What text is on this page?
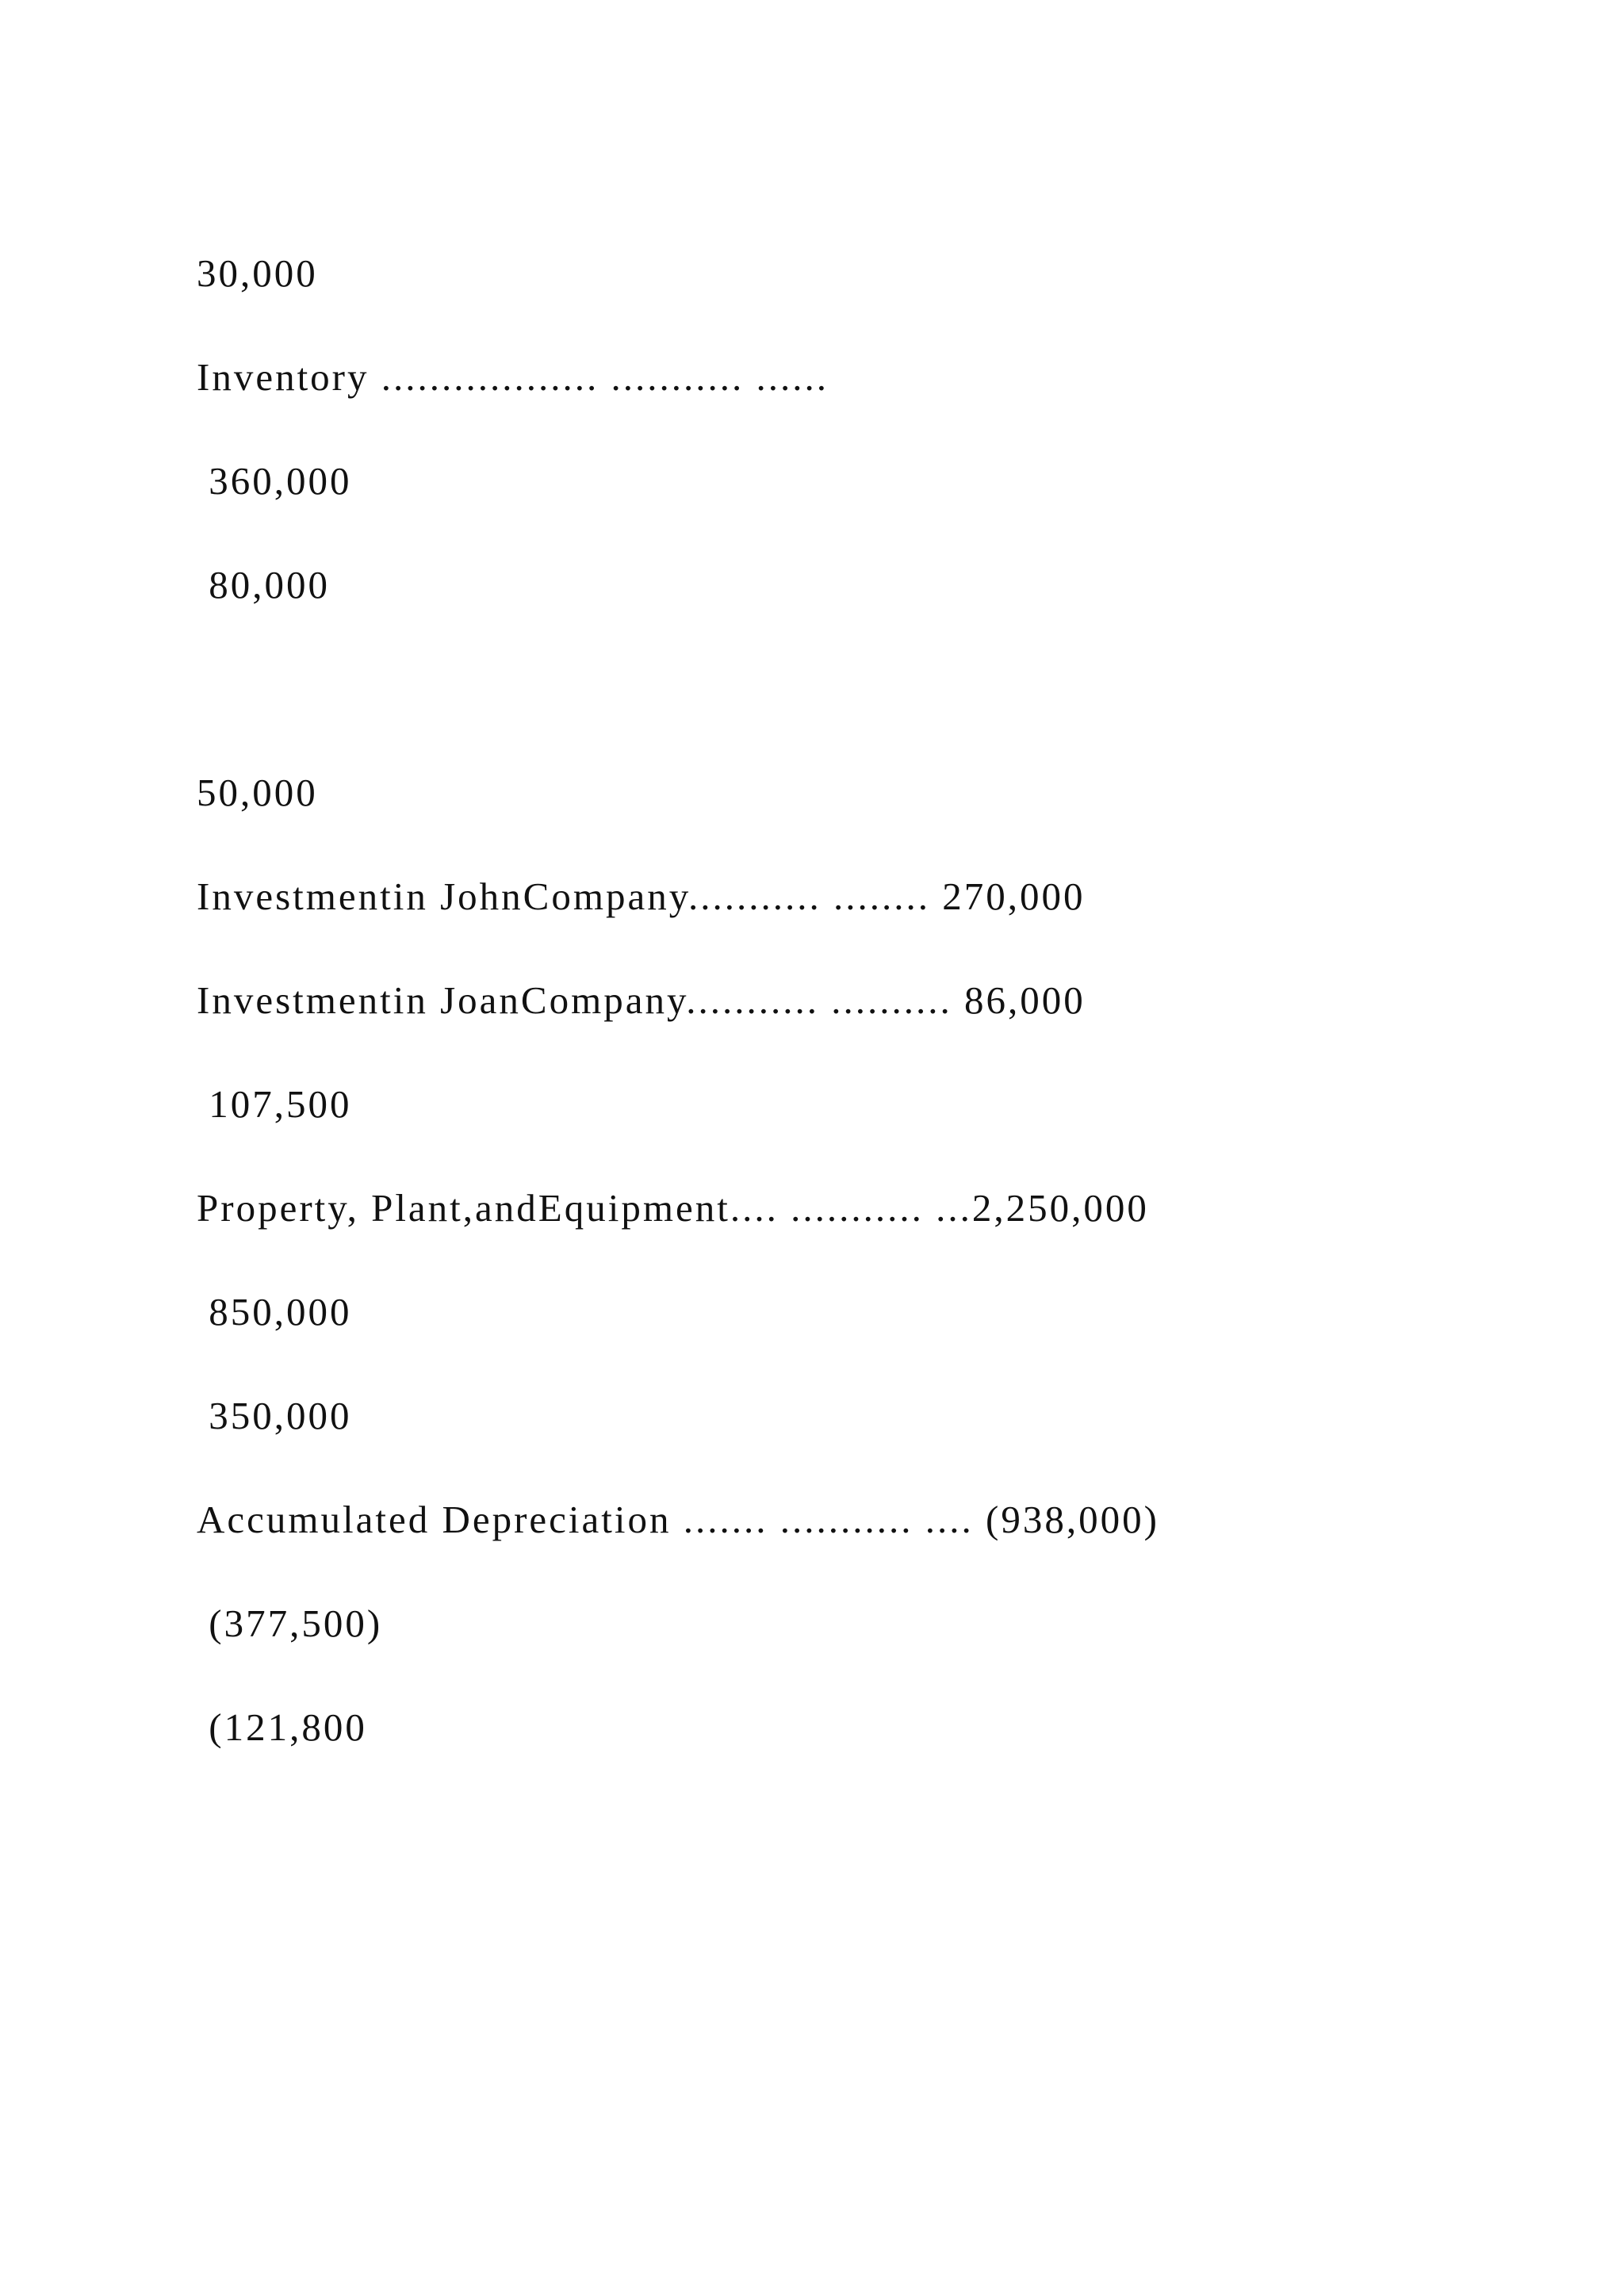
30,000

Inventory .................. ........... ......

360,000

80,000

50,000

Investmentin JohnCompany........... ........ 270,000

Investmentin JoanCompany........... .......... 86,000

107,500

Property, Plant,andEquipment.... ........... ...2,250,000

850,000

350,000

Accumulated Depreciation ....... ........... .... (938,000)

(377,500)

(121,800
